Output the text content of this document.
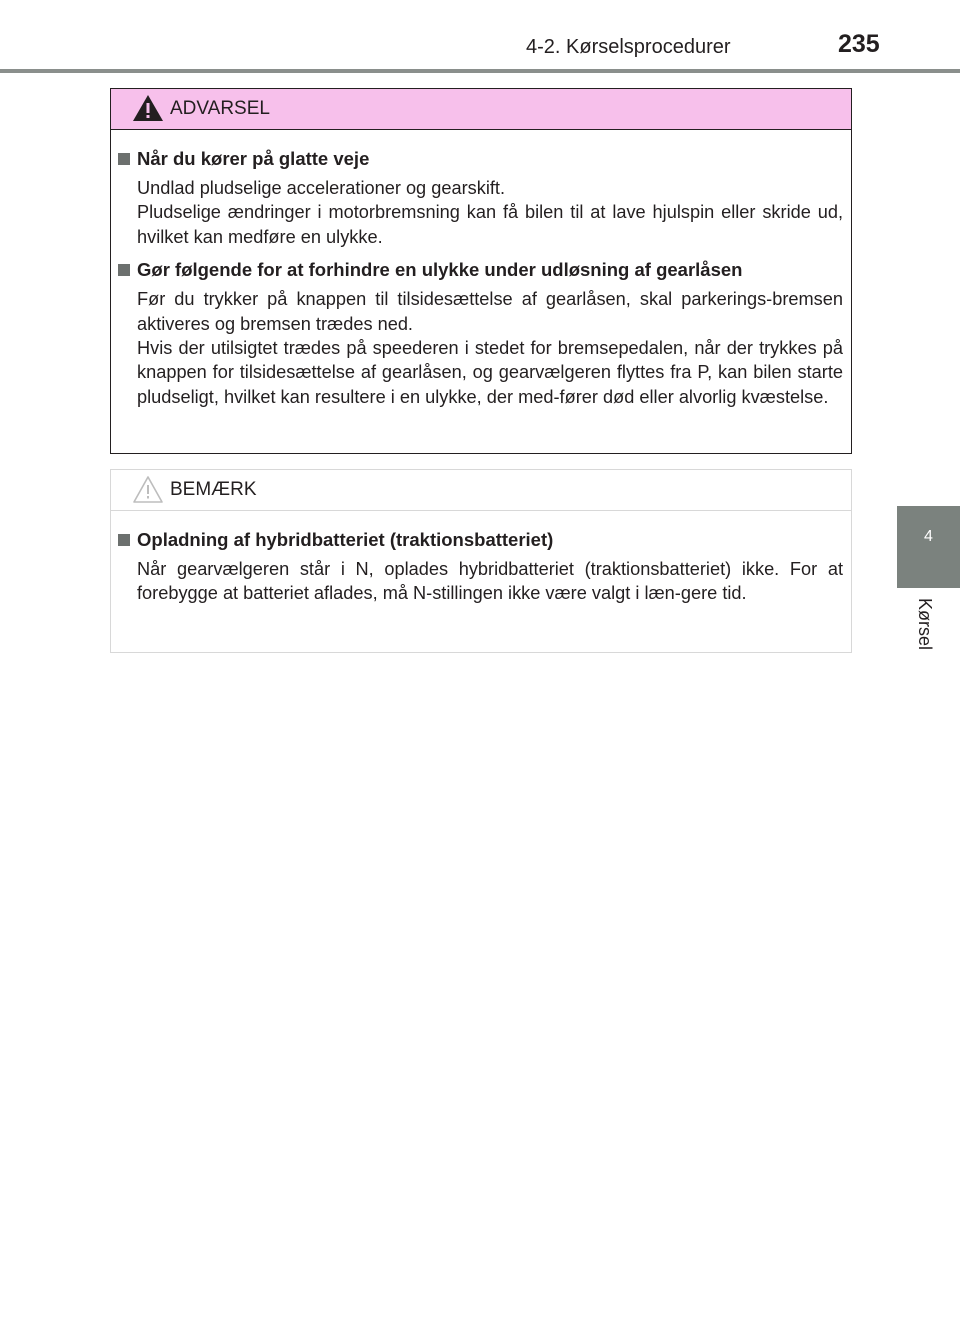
4-2. Kørselsprocedurer	235
4
Kørsel
ADVARSEL
Når du kører på glatte veje

Undlad pludselige accelerationer og gearskift.

Pludselige ændringer i motorbremsning kan få bilen til at lave hjulspin eller skride ud, hvilket kan medføre en ulykke.

Gør følgende for at forhindre en ulykke under udløsning af gearlåsen

Før du trykker på knappen til tilsidesættelse af gearlåsen, skal parkerings-bremsen aktiveres og bremsen trædes ned.

Hvis der utilsigtet trædes på speederen i stedet for bremsepedalen, når der trykkes på knappen for tilsidesættelse af gearlåsen, og gearvælgeren flyttes fra P, kan bilen starte pludseligt, hvilket kan resultere i en ulykke, der med-fører død eller alvorlig kvæstelse.

BEMÆRK
Opladning af hybridbatteriet (traktionsbatteriet)

Når gearvælgeren står i N, oplades hybridbatteriet (traktionsbatteriet) ikke. For at forebygge at batteriet aflades, må N-stillingen ikke være valgt i læn-gere tid.
